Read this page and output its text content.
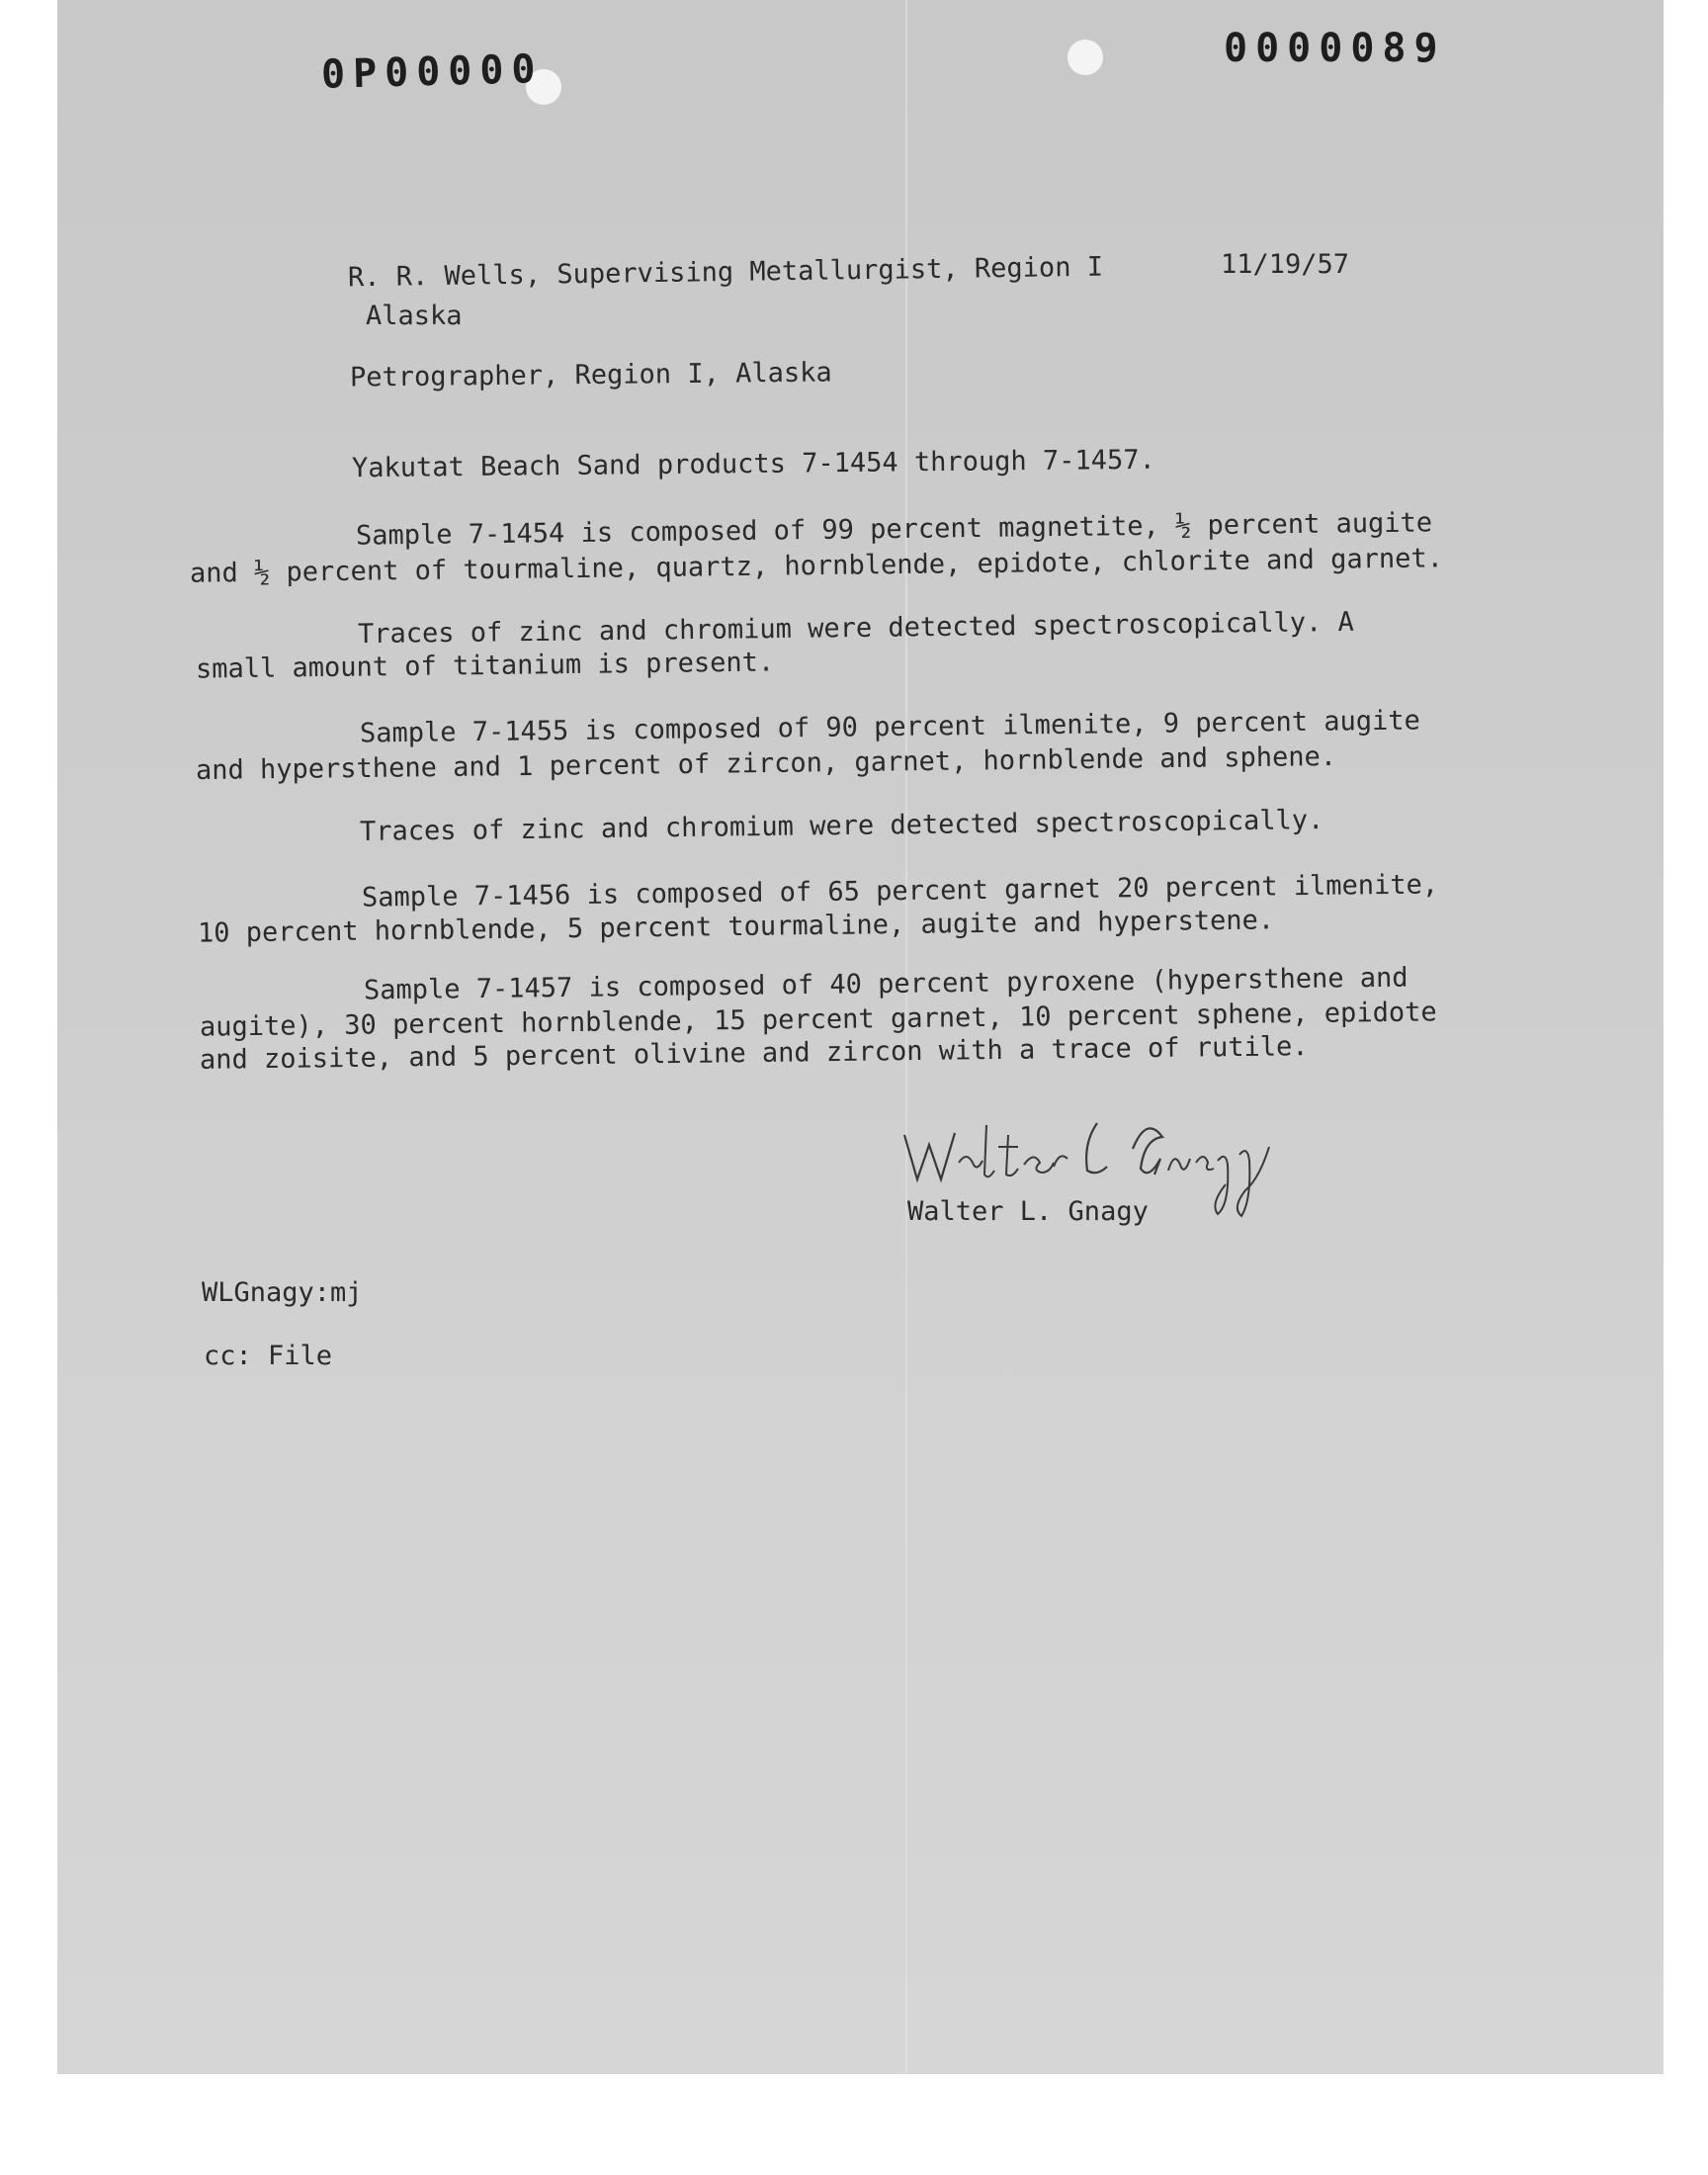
0P00000	0000089
R. R. Wells, Supervising Metallurgist, Region I
Alaska
11/19/57
Petrographer, Region I, Alaska
Yakutat Beach Sand products 7-1454 through 7-1457.
Sample 7-1454 is composed of 99 percent magnetite, ½ percent augite
and ½ percent of tourmaline, quartz, hornblende, epidote, chlorite and garnet.
Traces of zinc and chromium were detected spectroscopically. A
small amount of titanium is present.
Sample 7-1455 is composed of 90 percent ilmenite, 9 percent augite
and hypersthene and 1 percent of zircon, garnet, hornblende and sphene.
Traces of zinc and chromium were detected spectroscopically.
Sample 7-1456 is composed of 65 percent garnet 20 percent ilmenite,
10 percent hornblende, 5 percent tourmaline, augite and hyperstene.
Sample 7-1457 is composed of 40 percent pyroxene (hypersthene and
augite), 30 percent hornblende, 15 percent garnet, 10 percent sphene, epidote
and zoisite, and 5 percent olivine and zircon with a trace of rutile.
Walter L. Gnagy
WLGnagy:mj
cc: File
